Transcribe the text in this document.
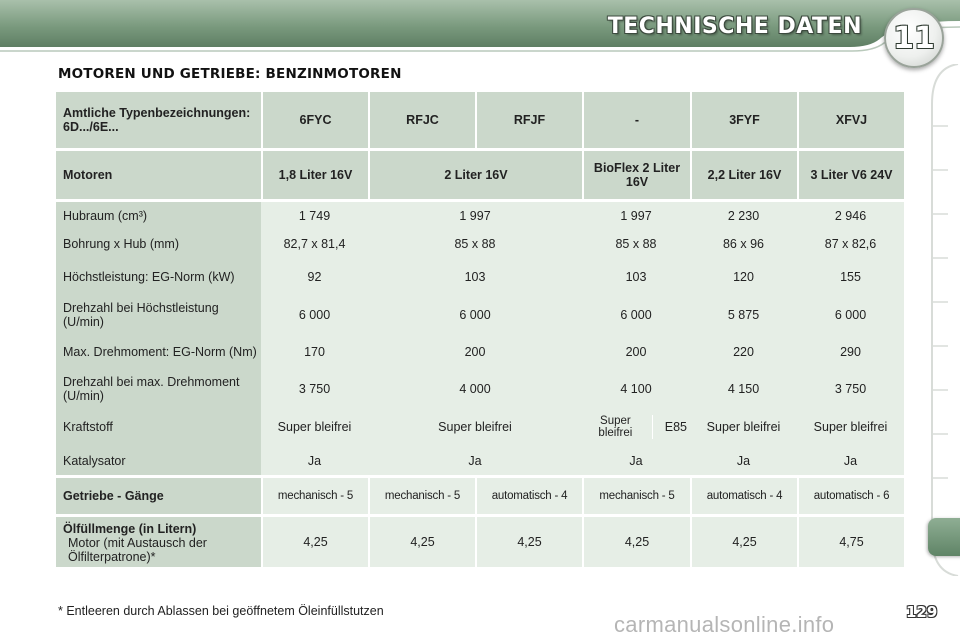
TECHNISCHE DATEN 11
MOTOREN UND GETRIEBE: BENZINMOTOREN
Amtliche Typenbezeichnungen: 6D.../6E...	6FYC	RFJC	RFJF	-	3FYF	XFVJ

Motoren	1,8 Liter 16V	2 Liter 16V		BioFlex 2 Liter 16V	2,2 Liter 16V	3 Liter V6 24V

Hubraum (cm³)	1 749	1 997		1 997	2 230	2 946
Bohrung x Hub (mm)	82,7 x 81,4	85 x 88		85 x 88	86 x 96	87 x 82,6
Höchstleistung: EG-Norm (kW)	92	103		103	120	155
Drehzahl bei Höchstleistung (U/min)	6 000	6 000		6 000	5 875	6 000
Max. Drehmoment: EG-Norm (Nm)	170	200		200	220	290
Drehzahl bei max. Drehmoment (U/min)	3 750	4 000		4 100	4 150	3 750
Kraftstoff	Super bleifrei	Super bleifrei		Super bleifrei E85	Super bleifrei	Super bleifrei
Katalysator	Ja	Ja		Ja	Ja	Ja

Getriebe - Gänge	mechanisch - 5	mechanisch - 5	automatisch - 4	mechanisch - 5	automatisch - 4	automatisch - 6

Ölfüllmenge (in Litern)
Motor (mit Austausch der Ölfilterpatrone)*	4,25	4,25	4,25	4,25	4,25	4,75
* Entleeren durch Ablassen bei geöffnetem Öleinfüllstutzen
carmanualsonline.info	129
